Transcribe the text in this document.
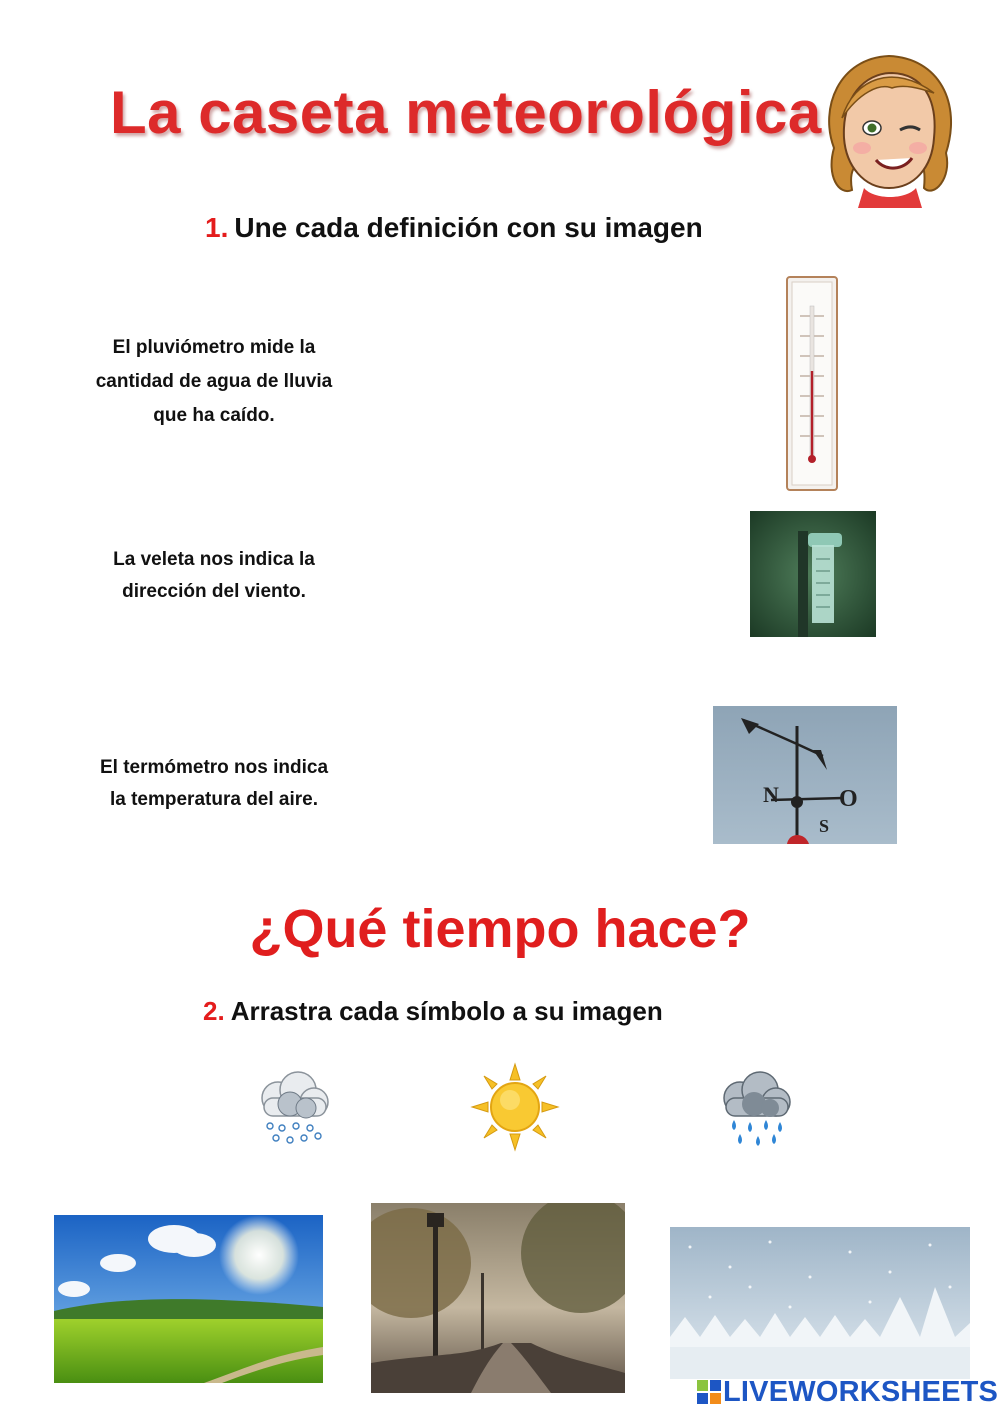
La caseta meteorológica
1. Une cada definición con su imagen
El pluviómetro mide la
cantidad de agua de lluvia
que ha caído.
La veleta nos indica la
dirección del viento.
El termómetro nos indica
la temperatura del aire.	N	O
S
¿Qué tiempo hace?
2. Arrastra cada símbolo a su imagen
LIVEWORKSHEETS
